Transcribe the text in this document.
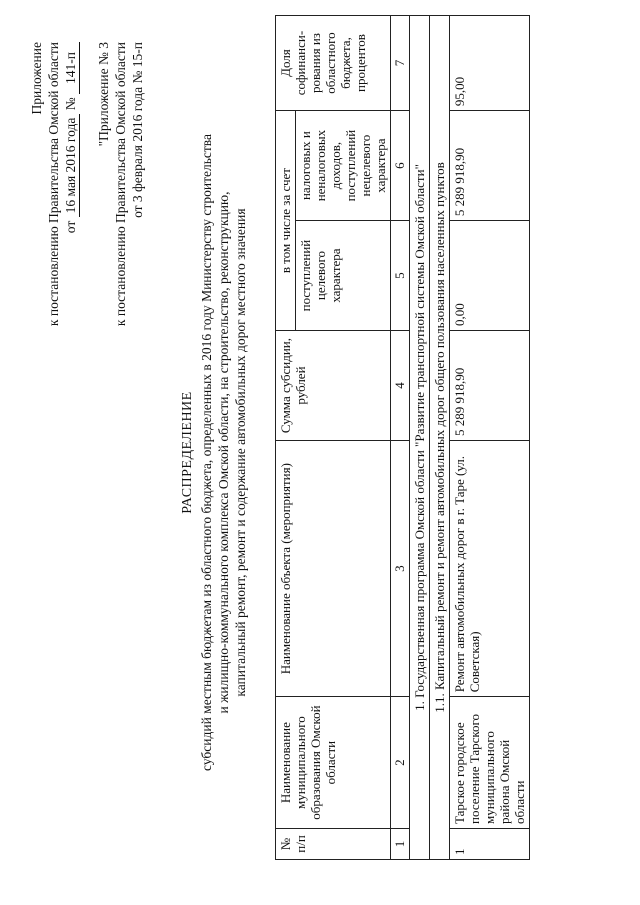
Приложение к постановлению Правительства Омской области от 16 мая 2016 года № 141-п "Приложение № 3 к постановлению Правительства Омской области от 3 февраля 2016 года № 15-п
РАСПРЕДЕЛЕНИЕ субсидий местным бюджетам из областного бюджета, определенных в 2016 году Министерству строительства и жилищно-коммунального комплекса Омской области, на строительство, реконструкцию, капитальный ремонт, ремонт и содержание автомобильных дорог местного значения
№ п/п	Наименование муниципального образования Омской области	Наименование объекта (мероприятия)	Сумма субсидии, рублей	в том числе за счет		Доля софинанси-рования из областного бюджета, процентов
				поступлений целевого характера	налоговых и неналоговых доходов, поступлений нецелевого характера	
1	2	3	4	5	6	7
1. Государственная программа Омской области "Развитие транспортной системы Омской области"						
1.1. Капитальный ремонт и ремонт автомобильных дорог общего пользования населенных пунктов						
1	Тарское городское поселение Тарского муниципального района Омской области	Ремонт автомобильных дорог в г. Таре (ул. Советская)	5 289 918,90	0,00	5 289 918,90	95,00
